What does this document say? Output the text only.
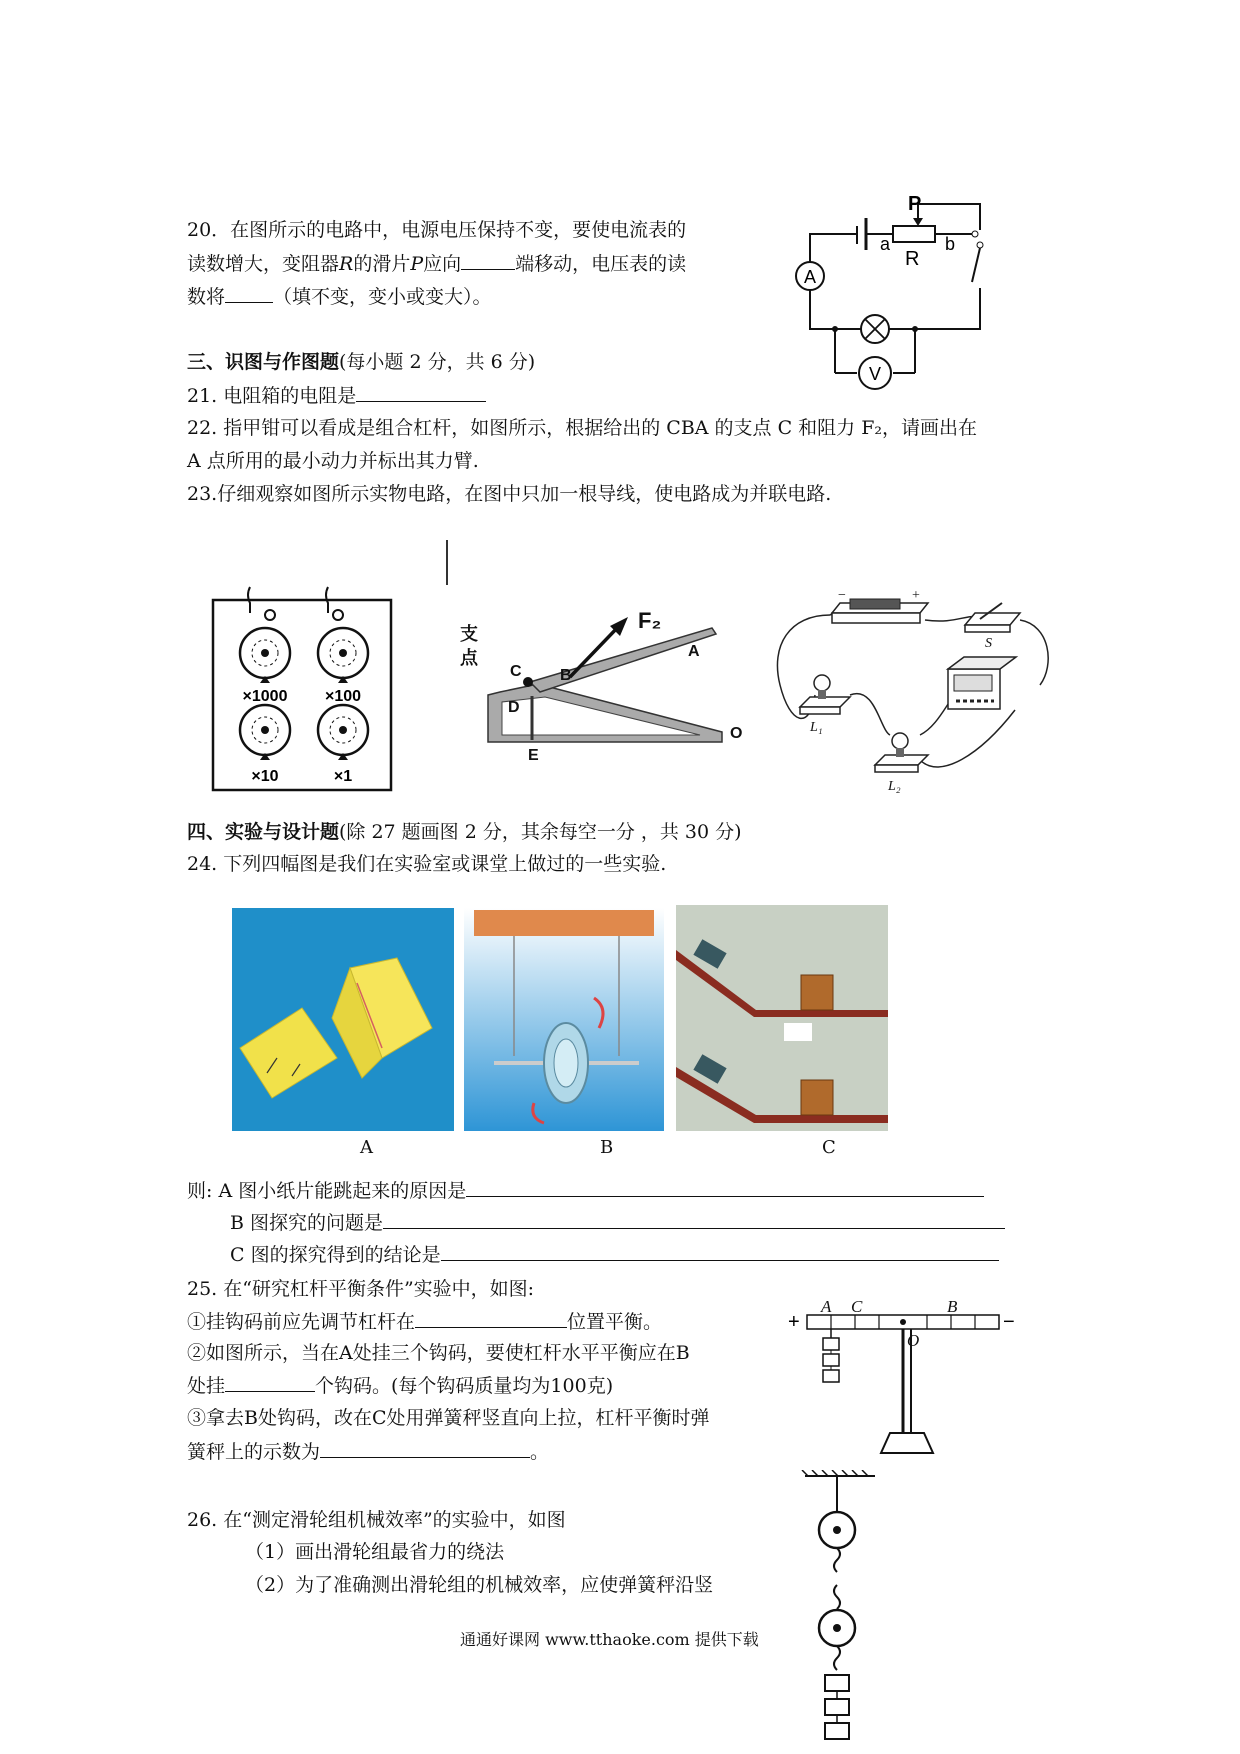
20．在图所示的电路中，电源电压保持不变，要使电流表的
读数增大，变阻器R的滑片P应向	端移动，电压表的读
数将	（填不变，变小或变大）。
A
V
P
a
R
b
三、识图与作图题(每小题 2 分，共 6 分)
21. 电阻箱的电阻是
22. 指甲钳可以看成是组合杠杆，如图所示，根据给出的 CBA 的支点 C 和阻力 F₂，请画出在
A 点所用的最小动力并标出其力臂.
23.仔细观察如图所示实物电路，在图中只加一根导线，使电路成为并联电路.
×1000 ×100
×10	×1
支
点
F₂
C B
A
D
E
O
−	+
S
L₁
L₂
四、实验与设计题(除 27 题画图 2 分，其余每空一分 ，共 30 分)
24. 下列四幅图是我们在实验室或课堂上做过的一些实验.
A	B	C
则: A 图小纸片能跳起来的原因是
B 图探究的问题是
C 图的探究得到的结论是
25. 在“研究杠杆平衡条件”实验中，如图:
①挂钩码前应先调节杠杆在	位置平衡。
②如图所示，当在A处挂三个钩码，要使杠杆水平平衡应在B
处挂	个钩码。(每个钩码质量均为100克)
③拿去B处钩码，改在C处用弹簧秤竖直向上拉，杠杆平衡时弹
簧秤上的示数为	。
A C	B
O
+	−
26. 在“测定滑轮组机械效率”的实验中，如图
（1）画出滑轮组最省力的绕法
（2）为了准确测出滑轮组的机械效率，应使弹簧秤沿竖
通通好课网 www.tthaoke.com 提供下载
